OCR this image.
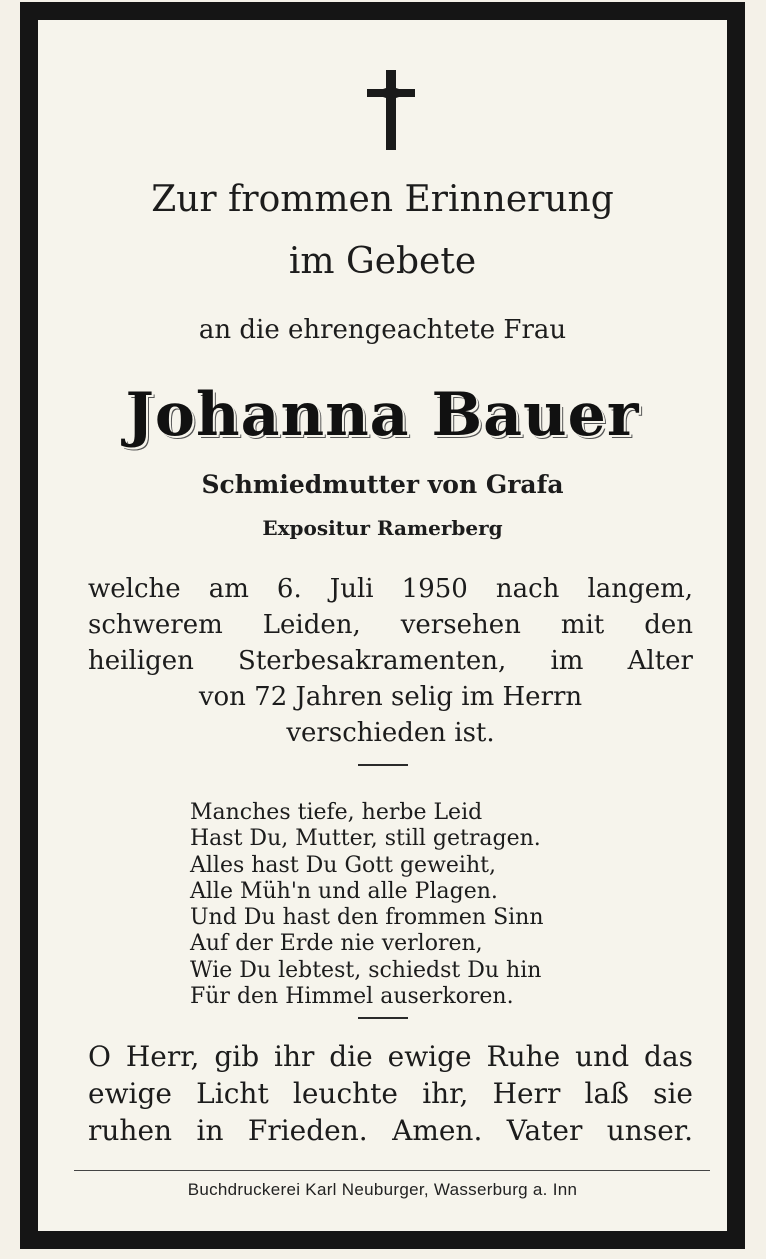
Zur frommen Erinnerung
im Gebete
an die ehrengeachtete Frau
Johanna Bauer
Schmiedmutter von Grafa
Expositur Ramerberg
welche am 6. Juli 1950 nach langem,
schwerem Leiden, versehen mit den
heiligen Sterbesakramenten, im Alter
von 72 Jahren selig im Herrn
verschieden ist.
Manches tiefe, herbe Leid
Hast Du, Mutter, still getragen.
Alles hast Du Gott geweiht,
Alle Müh'n und alle Plagen.
Und Du hast den frommen Sinn
Auf der Erde nie verloren,
Wie Du lebtest, schiedst Du hin
Für den Himmel auserkoren.
O Herr, gib ihr die ewige Ruhe und das
ewige Licht leuchte ihr, Herr laß sie
ruhen in Frieden. Amen. Vater unser.
Buchdruckerei Karl Neuburger, Wasserburg a. Inn
